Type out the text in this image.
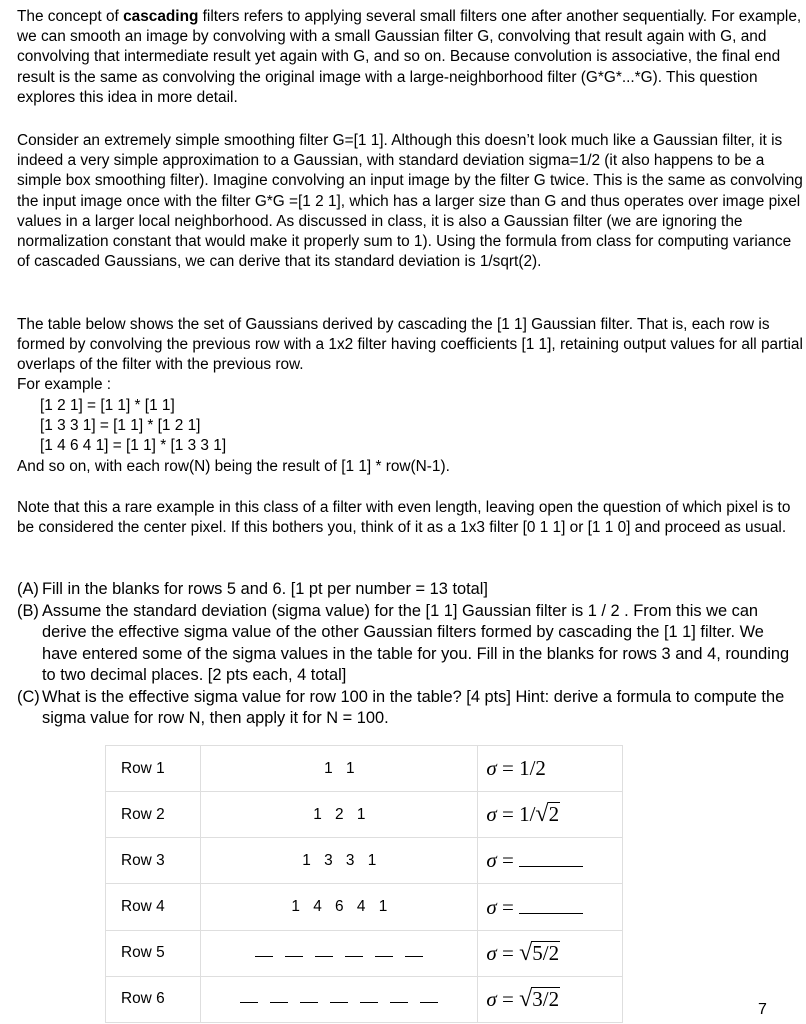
The concept of cascading filters refers to applying several small filters one after another sequentially. For example, we can smooth an image by convolving with a small Gaussian filter G, convolving that result again with G, and convolving that intermediate result yet again with G, and so on. Because convolution is associative, the final end result is the same as convolving the original image with a large-neighborhood filter (G*G*...*G). This question explores this idea in more detail.

Consider an extremely simple smoothing filter G=[1 1]. Although this doesn’t look much like a Gaussian filter, it is indeed a very simple approximation to a Gaussian, with standard deviation sigma=1/2 (it also happens to be a simple box smoothing filter). Imagine convolving an input image by the filter G twice. This is the same as convolving the input image once with the filter G*G =[1 2 1], which has a larger size than G and thus operates over image pixel values in a larger local neighborhood. As discussed in class, it is also a Gaussian filter (we are ignoring the normalization constant that would make it properly sum to 1). Using the formula from class for computing variance of cascaded Gaussians, we can derive that its standard deviation is 1/sqrt(2).

The table below shows the set of Gaussians derived by cascading the [1 1] Gaussian filter. That is, each row is formed by convolving the previous row with a 1x2 filter having coefficients [1 1], retaining output values for all partial overlaps of the filter with the previous row.

For example :

[1 2 1] = [1 1] * [1 1]

[1 3 3 1] = [1 1] * [1 2 1]

[1 4 6 4 1] = [1 1] * [1 3 3 1]

And so on, with each row(N) being the result of [1 1] * row(N-1).

Note that this a rare example in this class of a filter with even length, leaving open the question of which pixel is to be considered the center pixel. If this bothers you, think of it as a 1x3 filter [0 1 1] or [1 1 0] and proceed as usual.

(A) Fill in the blanks for rows 5 and 6. [1 pt per number = 13 total]
(B) Assume the standard deviation (sigma value) for the [1 1] Gaussian filter is 1 / 2 . From this we can derive the effective sigma value of the other Gaussian filters formed by cascading the [1 1] filter. We have entered some of the sigma values in the table for you. Fill in the blanks for rows 3 and 4, rounding to two decimal places. [2 pts each, 4 total]
(C) What is the effective sigma value for row 100 in the table? [4 pts] Hint: derive a formula to compute the sigma value for row N, then apply it for N = 100.
Row 1	1 1	σ = 1/2
Row 2	1 2 1	σ = 1/ √ 2

Row 3	1 3 3 1	σ =
Row 4	1 4 6 4 1	σ =
Row 5		σ = √ 5/2

Row 6		σ = √ 3/2	7
